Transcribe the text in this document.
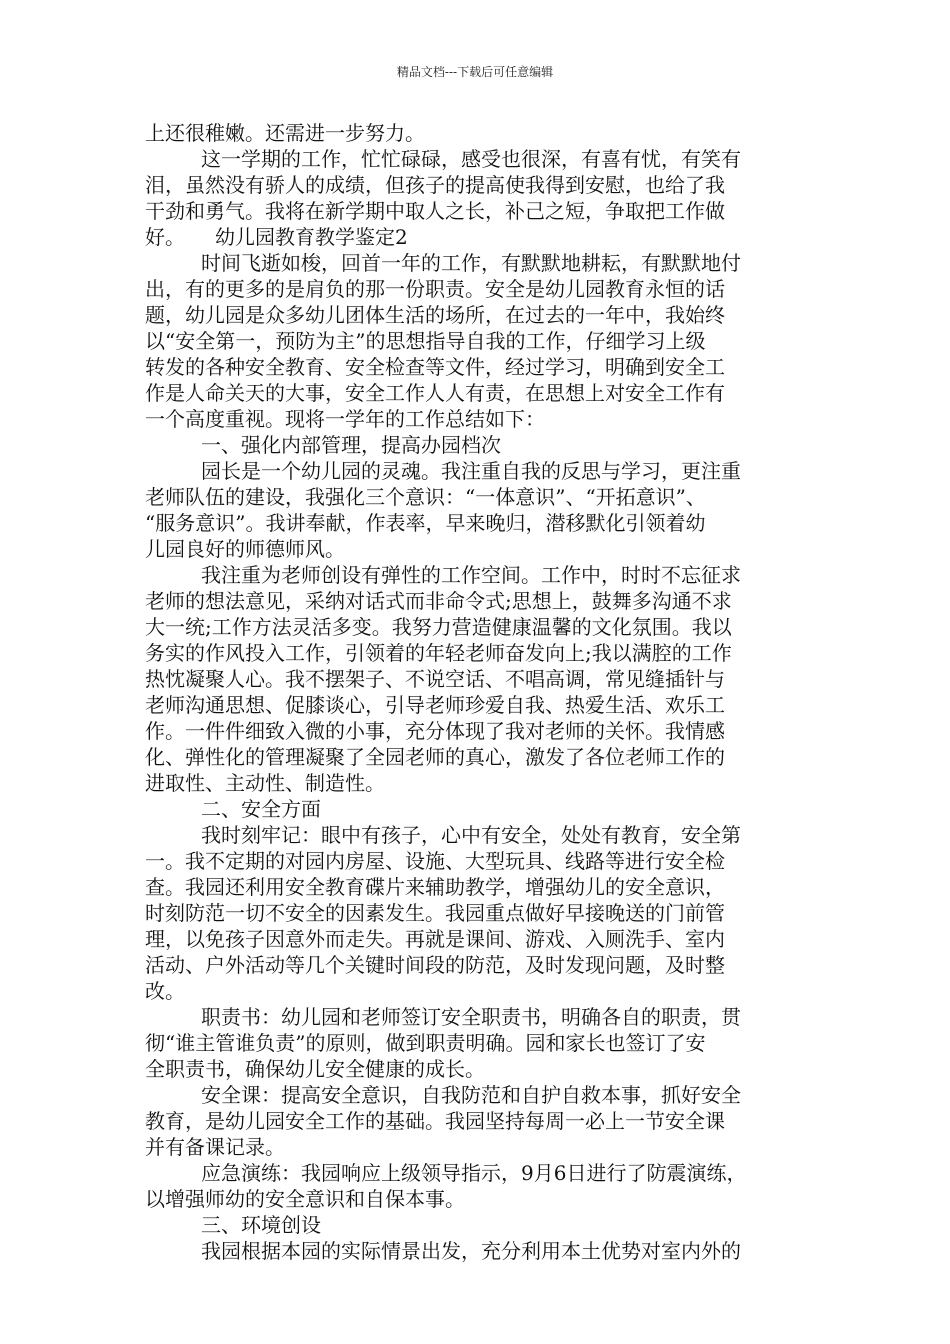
精品文档---下载后可任意编辑
上还很稚嫩。还需进一步努力。
这一学期的工作，忙忙碌碌，感受也很深，有喜有忧，有笑有
泪，虽然没有骄人的成绩，但孩子的提高使我得到安慰，也给了我
干劲和勇气。我将在新学期中取人之长，补己之短，争取把工作做
好。　　幼儿园教育教学鉴定2
时间飞逝如梭，回首一年的工作，有默默地耕耘，有默默地付
出，有的更多的是肩负的那一份职责。安全是幼儿园教育永恒的话
题，幼儿园是众多幼儿团体生活的场所，在过去的一年中，我始终
以“安全第一，预防为主”的思想指导自我的工作，仔细学习上级
转发的各种安全教育、安全检查等文件，经过学习，明确到安全工
作是人命关天的大事，安全工作人人有责，在思想上对安全工作有
一个高度重视。现将一学年的工作总结如下：
一、强化内部管理，提高办园档次
园长是一个幼儿园的灵魂。我注重自我的反思与学习，更注重
老师队伍的建设，我强化三个意识：“一体意识”、“开拓意识”、
“服务意识”。我讲奉献，作表率，早来晚归，潜移默化引领着幼
儿园良好的师德师风。
我注重为老师创设有弹性的工作空间。工作中，时时不忘征求
老师的想法意见，采纳对话式而非命令式;思想上，鼓舞多沟通不求
大一统;工作方法灵活多变。我努力营造健康温馨的文化氛围。我以
务实的作风投入工作，引领着的年轻老师奋发向上;我以满腔的工作
热忱凝聚人心。我不摆架子、不说空话、不唱高调，常见缝插针与
老师沟通思想、促膝谈心，引导老师珍爱自我、热爱生活、欢乐工
作。一件件细致入微的小事，充分体现了我对老师的关怀。我情感
化、弹性化的管理凝聚了全园老师的真心，激发了各位老师工作的
进取性、主动性、制造性。
二、安全方面
我时刻牢记：眼中有孩子，心中有安全，处处有教育，安全第
一。我不定期的对园内房屋、设施、大型玩具、线路等进行安全检
查。我园还利用安全教育碟片来辅助教学，增强幼儿的安全意识，
时刻防范一切不安全的因素发生。我园重点做好早接晚送的门前管
理，以免孩子因意外而走失。再就是课间、游戏、入厕洗手、室内
活动、户外活动等几个关键时间段的防范，及时发现问题，及时整
改。
职责书：幼儿园和老师签订安全职责书，明确各自的职责，贯
彻“谁主管谁负责”的原则，做到职责明确。园和家长也签订了安
全职责书，确保幼儿安全健康的成长。
安全课：提高安全意识，自我防范和自护自救本事，抓好安全
教育，是幼儿园安全工作的基础。我园坚持每周一必上一节安全课
并有备课记录。
应急演练：我园响应上级领导指示，9月6日进行了防震演练，
以增强师幼的安全意识和自保本事。
三、环境创设
我园根据本园的实际情景出发，充分利用本土优势对室内外的
